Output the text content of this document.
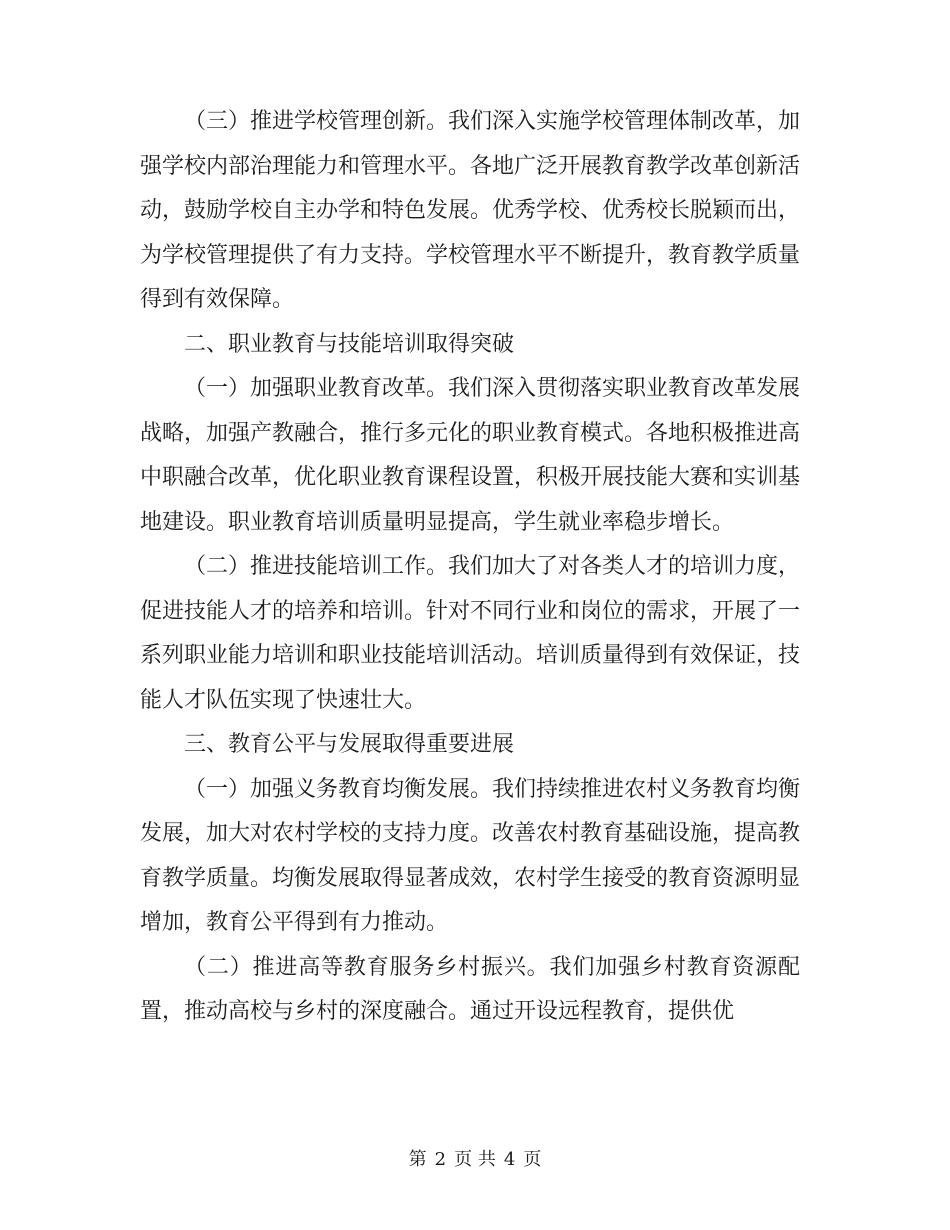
（三）推进学校管理创新。我们深入实施学校管理体制改革，加强学校内部治理能力和管理水平。各地广泛开展教育教学改革创新活动，鼓励学校自主办学和特色发展。优秀学校、优秀校长脱颖而出，为学校管理提供了有力支持。学校管理水平不断提升，教育教学质量得到有效保障。

二、职业教育与技能培训取得突破

（一）加强职业教育改革。我们深入贯彻落实职业教育改革发展战略，加强产教融合，推行多元化的职业教育模式。各地积极推进高中职融合改革，优化职业教育课程设置，积极开展技能大赛和实训基地建设。职业教育培训质量明显提高，学生就业率稳步增长。

（二）推进技能培训工作。我们加大了对各类人才的培训力度，促进技能人才的培养和培训。针对不同行业和岗位的需求，开展了一系列职业能力培训和职业技能培训活动。培训质量得到有效保证，技能人才队伍实现了快速壮大。

三、教育公平与发展取得重要进展

（一）加强义务教育均衡发展。我们持续推进农村义务教育均衡发展，加大对农村学校的支持力度。改善农村教育基础设施，提高教育教学质量。均衡发展取得显著成效，农村学生接受的教育资源明显增加，教育公平得到有力推动。

（二）推进高等教育服务乡村振兴。我们加强乡村教育资源配置，推动高校与乡村的深度融合。通过开设远程教育，提供优

第 2 页 共 4 页
